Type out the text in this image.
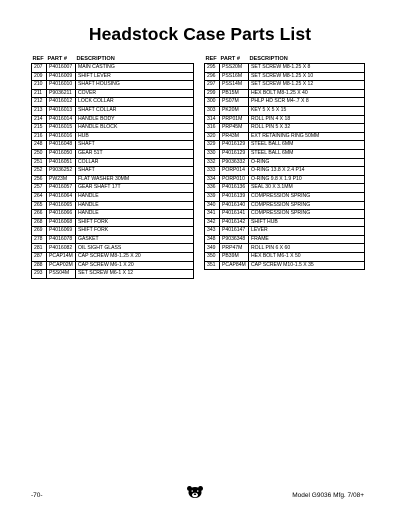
Headstock Case Parts List
REF	PART #	DESCRIPTION
207	P4016007	MAIN CASTING
209	P4016009	SHIFT LEVER
210	P4016010	SHAFT HOUSING
211	P9036211	COVER
212	P4016012	LOCK COLLAR
213	P4016013	SHAFT COLLAR
214	P4016014	HANDLE BODY
215	P4016015	HANDLE BLOCK
216	P4016016	HUB
248	P4016048	SHAFT
250	P4016050	GEAR 51T
251	P4016051	COLLAR
252	P9036252	SHAFT
256	PW23M	FLAT WASHER 30MM
257	P4016057	GEAR SHAFT 17T
264	P4016064	HANDLE
265	P4016065	HANDLE
266	P4016066	HANDLE
268	P4016068	SHIFT FORK
269	P4016069	SHIFT FORK
278	P4016078	GASKET
281	P4016082	OIL SIGHT GLASS
287	PCAP14M	CAP SCREW M8-1.25 X 20
288	PCAP02M	CAP SCREW M6-1 X 20
293	PSS04M	SET SCREW M6-1 X 12
REF	PART #	DESCRIPTION
295	PSS20M	SET SCREW M8-1.25 X 8
296	PSS16M	SET SCREW M8-1.25 X 10
297	PSS14M	SET SCREW M8-1.25 X 12
299	PB15M	HEX BOLT M8-1.25 X 40
300	PS07M	PHLP HD SCR M4-.7 X 8
303	PK20M	KEY 5 X 5 X 15
314	PRP01M	ROLL PIN 4 X 18
316	PRP45M	ROLL PIN 5 X 32
320	PR43M	EXT RETAINING RING 50MM
329	P4016129	STEEL BALL 6MM
330	P4016129	STEEL BALL 6MM
332	P9036332	O-RING
333	PORP014	O-RING 13.8 X 2.4 P14
334	PORP010	O-RING 9.8 X 1.9 P10
336	P4016136	SEAL 30 X 3.1MM
339	P4016139	COMPRESSION SPRING
340	P4016140	COMPRESSION SPRING
341	P4016141	COMPRESSION SPRING
342	P4016142	SHIFT HUB
343	P4016147	LEVER
348	P9036348	FRAME
349	PRP47M	ROLL PIN 6 X 60
350	PB39M	HEX BOLT M6-1 X 50
351	PCAP84M	CAP SCREW M10-1.5 X 35
-70-	Model G9036 Mfg. 7/08+
